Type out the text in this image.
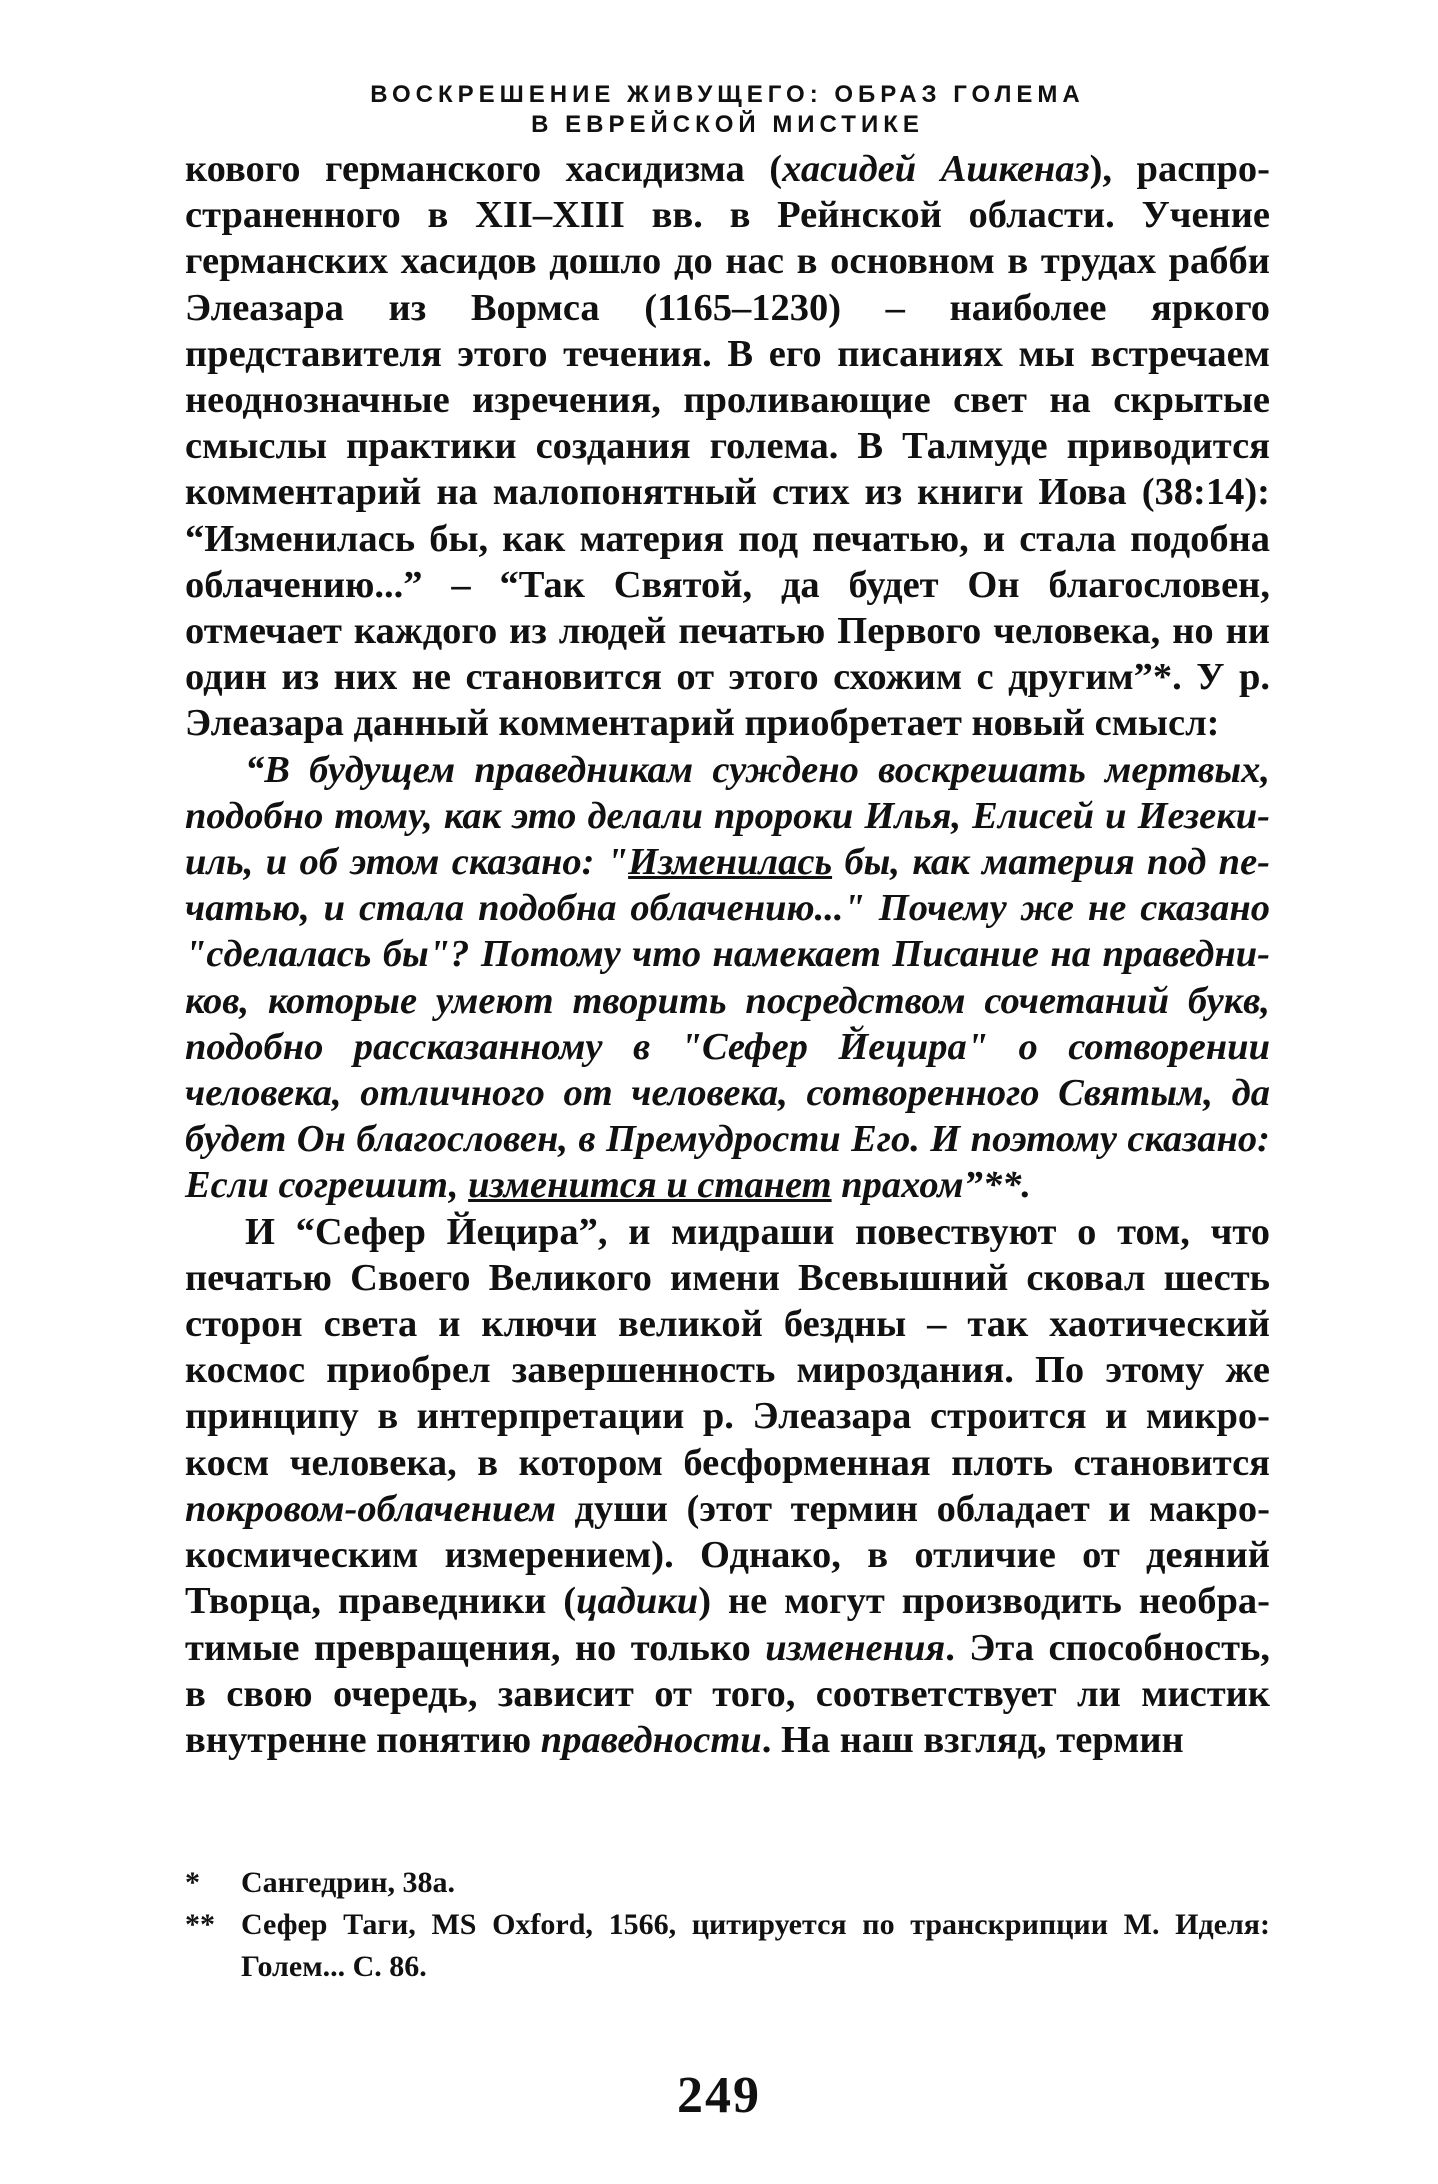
ВОСКРЕШЕНИЕ ЖИВУЩЕГО: ОБРАЗ ГОЛЕМА
В ЕВРЕЙСКОЙ МИСТИКЕ

кового германского хасидизма (хасидей Ашкеназ), распространенного в XII–XIII вв. в Рейнской области. Учение германских хасидов дошло до нас в основном в трудах рабби Элеазара из Вормса (1165–1230) – наиболее яркого представителя этого течения. В его писаниях мы встречаем неоднозначные изречения, проливающие свет на скрытые смыслы практики создания голема. В Талмуде приводится комментарий на малопонятный стих из книги Иова (38:14): “Изменилась бы, как материя под печатью, и стала подобна облачению...” – “Так Святой, да будет Он благословен, отмечает каждого из людей печатью Первого человека, но ни один из них не становится от этого схожим с другим”*. У р. Элеазара данный комментарий приобретает новый смысл:

“В будущем праведникам суждено воскрешать мертвых, подобно тому, как это делали пророки Илья, Елисей и Иезекииль, и об этом сказано: "Изменилась бы, как материя под печатью, и стала подобна облачению..." Почему же не сказано "сделалась бы"? Потому что намекает Писание на праведников, которые умеют творить посредством сочетаний букв, подобно рассказанному в "Сефер Йецира" о сотворении человека, отличного от человека, сотворенного Святым, да будет Он благословен, в Премудрости Его. И поэтому сказано: Если согрешит, изменится и станет прахом”**.

И “Сефер Йецира”, и мидраши повествуют о том, что печатью Своего Великого имени Всевышний сковал шесть сторон света и ключи великой бездны – так хаотический космос приобрел завершенность мироздания. По этому же принципу в интерпретации р. Элеазара строится и микрокосм человека, в котором бесформенная плоть становится покровом-облачением души (этот термин обладает и макрокосмическим измерением). Однако, в отличие от деяний Творца, праведники (цадики) не могут производить необратимые превращения, но только изменения. Эта способность, в свою очередь, зависит от того, соответствует ли мистик внутренне понятию праведности. На наш взгляд, термин

*	Сангедрин, 38а.
** Сефер Таги, MS Oxford, 1566, цитируется по транскрипции М. Иделя: Голем... С. 86.
249
